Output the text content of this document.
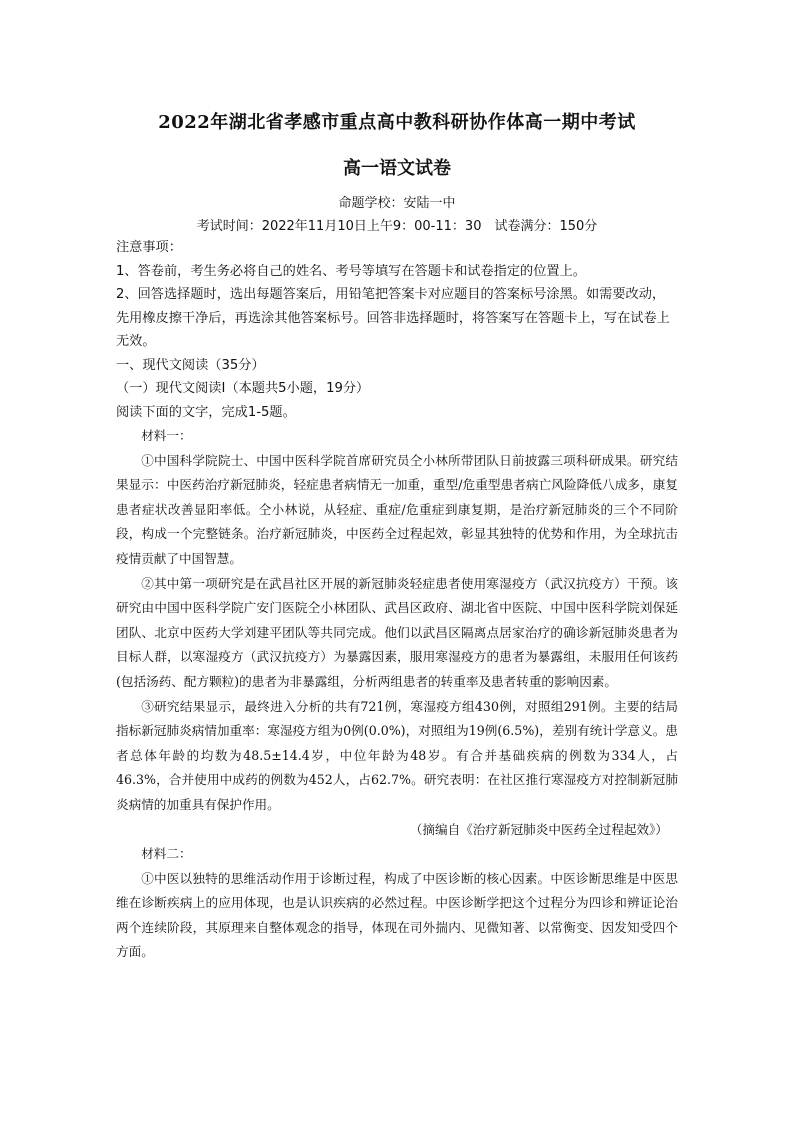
2022年湖北省孝感市重点高中教科研协作体高一期中考试
高一语文试卷
命题学校：安陆一中
考试时间：2022年11月10日上午9：00-11：30　试卷满分：150分

注意事项：

1、答卷前，考生务必将自己的姓名、考号等填写在答题卡和试卷指定的位置上。

2、回答选择题时，选出每题答案后，用铅笔把答案卡对应题目的答案标号涂黑。如需要改动，先用橡皮擦干净后，再选涂其他答案标号。回答非选择题时，将答案写在答题卡上，写在试卷上无效。

一、现代文阅读（35分）

（一）现代文阅读Ⅰ（本题共5小题，19分）

阅读下面的文字，完成1-5题。

材料一：

①中国科学院院士、中国中医科学院首席研究员仝小林所带团队日前披露三项科研成果。研究结果显示：中医药治疗新冠肺炎，轻症患者病情无一加重，重型/危重型患者病亡风险降低八成多，康复患者症状改善显阳率低。仝小林说，从轻症、重症/危重症到康复期，是治疗新冠肺炎的三个不同阶段，构成一个完整链条。治疗新冠肺炎，中医药全过程起效，彰显其独特的优势和作用，为全球抗击疫情贡献了中国智慧。

②其中第一项研究是在武昌社区开展的新冠肺炎轻症患者使用寒湿疫方（武汉抗疫方）干预。该研究由中国中医科学院广安门医院仝小林团队、武昌区政府、湖北省中医院、中国中医科学院刘保延团队、北京中医药大学刘建平团队等共同完成。他们以武昌区隔离点居家治疗的确诊新冠肺炎患者为目标人群，以寒湿疫方（武汉抗疫方）为暴露因素，服用寒湿疫方的患者为暴露组，未服用任何该药(包括汤药、配方颗粒)的患者为非暴露组，分析两组患者的转重率及患者转重的影响因素。

③研究结果显示，最终进入分析的共有721例，寒湿疫方组430例，对照组291例。主要的结局指标新冠肺炎病情加重率：寒湿疫方组为0例(0.0%)，对照组为19例(6.5%)，差别有统计学意义。患者总体年龄的均数为48.5±14.4岁，中位年龄为48岁。有合并基础疾病的例数为334人，占46.3%，合并使用中成药的例数为452人，占62.7%。研究表明：在社区推行寒湿疫方对控制新冠肺炎病情的加重具有保护作用。

（摘编自《治疗新冠肺炎中医药全过程起效》）

材料二：

①中医以独特的思维活动作用于诊断过程，构成了中医诊断的核心因素。中医诊断思维是中医思维在诊断疾病上的应用体现，也是认识疾病的必然过程。中医诊断学把这个过程分为四诊和辨证论治两个连续阶段，其原理来自整体观念的指导，体现在司外揣内、见微知著、以常衡变、因发知受四个方面。
